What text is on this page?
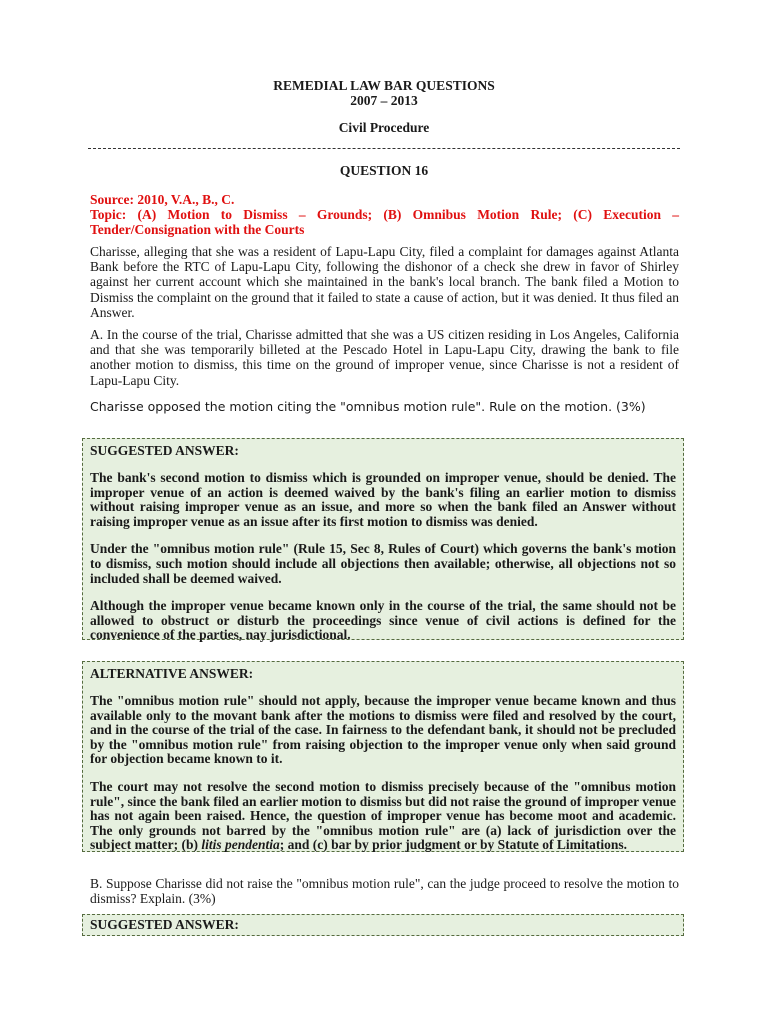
REMEDIAL LAW BAR QUESTIONS
2007 – 2013
Civil Procedure
QUESTION 16
Source: 2010, V.A., B., C.
Topic: (A) Motion to Dismiss – Grounds; (B) Omnibus Motion Rule; (C) Execution – Tender/Consignation with the Courts
Charisse, alleging that she was a resident of Lapu-Lapu City, filed a complaint for damages against Atlanta Bank before the RTC of Lapu-Lapu City, following the dishonor of a check she drew in favor of Shirley against her current account which she maintained in the bank's local branch. The bank filed a Motion to Dismiss the complaint on the ground that it failed to state a cause of action, but it was denied. It thus filed an Answer.
A. In the course of the trial, Charisse admitted that she was a US citizen residing in Los Angeles, California and that she was temporarily billeted at the Pescado Hotel in Lapu-Lapu City, drawing the bank to file another motion to dismiss, this time on the ground of improper venue, since Charisse is not a resident of Lapu-Lapu City.
Charisse opposed the motion citing the "omnibus motion rule". Rule on the motion. (3%)
SUGGESTED ANSWER:

The bank's second motion to dismiss which is grounded on improper venue, should be denied. The improper venue of an action is deemed waived by the bank's filing an earlier motion to dismiss without raising improper venue as an issue, and more so when the bank filed an Answer without raising improper venue as an issue after its first motion to dismiss was denied.

Under the "omnibus motion rule" (Rule 15, Sec 8, Rules of Court) which governs the bank's motion to dismiss, such motion should include all objections then available; otherwise, all objections not so included shall be deemed waived.

Although the improper venue became known only in the course of the trial, the same should not be allowed to obstruct or disturb the proceedings since venue of civil actions is defined for the convenience of the parties, nay jurisdictional.

ALTERNATIVE ANSWER:

The "omnibus motion rule" should not apply, because the improper venue became known and thus available only to the movant bank after the motions to dismiss were filed and resolved by the court, and in the course of the trial of the case. In fairness to the defendant bank, it should not be precluded by the "omnibus motion rule" from raising objection to the improper venue only when said ground for objection became known to it.

The court may not resolve the second motion to dismiss precisely because of the "omnibus motion rule", since the bank filed an earlier motion to dismiss but did not raise the ground of improper venue has not again been raised. Hence, the question of improper venue has become moot and academic. The only grounds not barred by the "omnibus motion rule" are (a) lack of jurisdiction over the subject matter; (b) litis pendentia; and (c) bar by prior judgment or by Statute of Limitations.

B. Suppose Charisse did not raise the "omnibus motion rule", can the judge proceed to resolve the motion to dismiss? Explain. (3%)
SUGGESTED ANSWER:
